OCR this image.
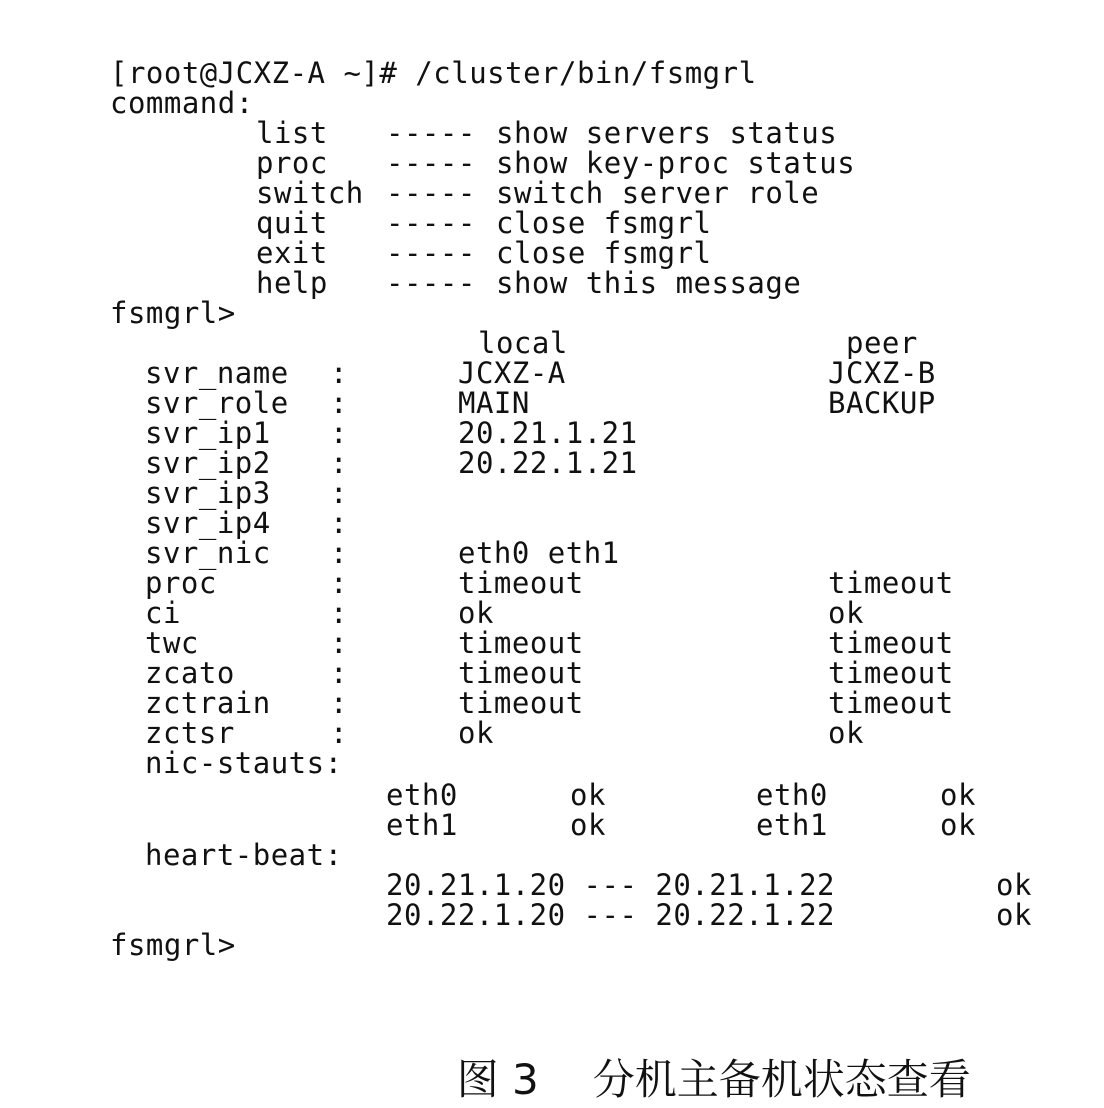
[root@JCXZ-A ~]# /cluster/bin/fsmgrl
command:
list ----- show servers status
proc ----- show key-proc status
switch ----- switch server role
quit ----- close fsmgrl
exit ----- close fsmgrl
help ----- show this message
fsmgrl>
local	peer
svr_name :	JCXZ-A	JCXZ-B
svr_role :	MAIN	BACKUP
svr_ip1 :	20.21.1.21
svr_ip2 :	20.22.1.21
svr_ip3 :
svr_ip4 :
svr_nic :	eth0 eth1
proc	:	timeout	timeout
ci	:	ok	ok
twc	:	timeout	timeout
zcato	:	timeout	timeout
zctrain :	timeout	timeout
zctsr	:	ok	ok
nic-stauts:
eth0	ok	eth0	ok
eth1	ok	eth1	ok
heart-beat:
20.21.1.20 --- 20.21.1.22	ok
20.22.1.20 --- 20.22.1.22	ok
fsmgrl>

图 3 分机主备机状态查看
